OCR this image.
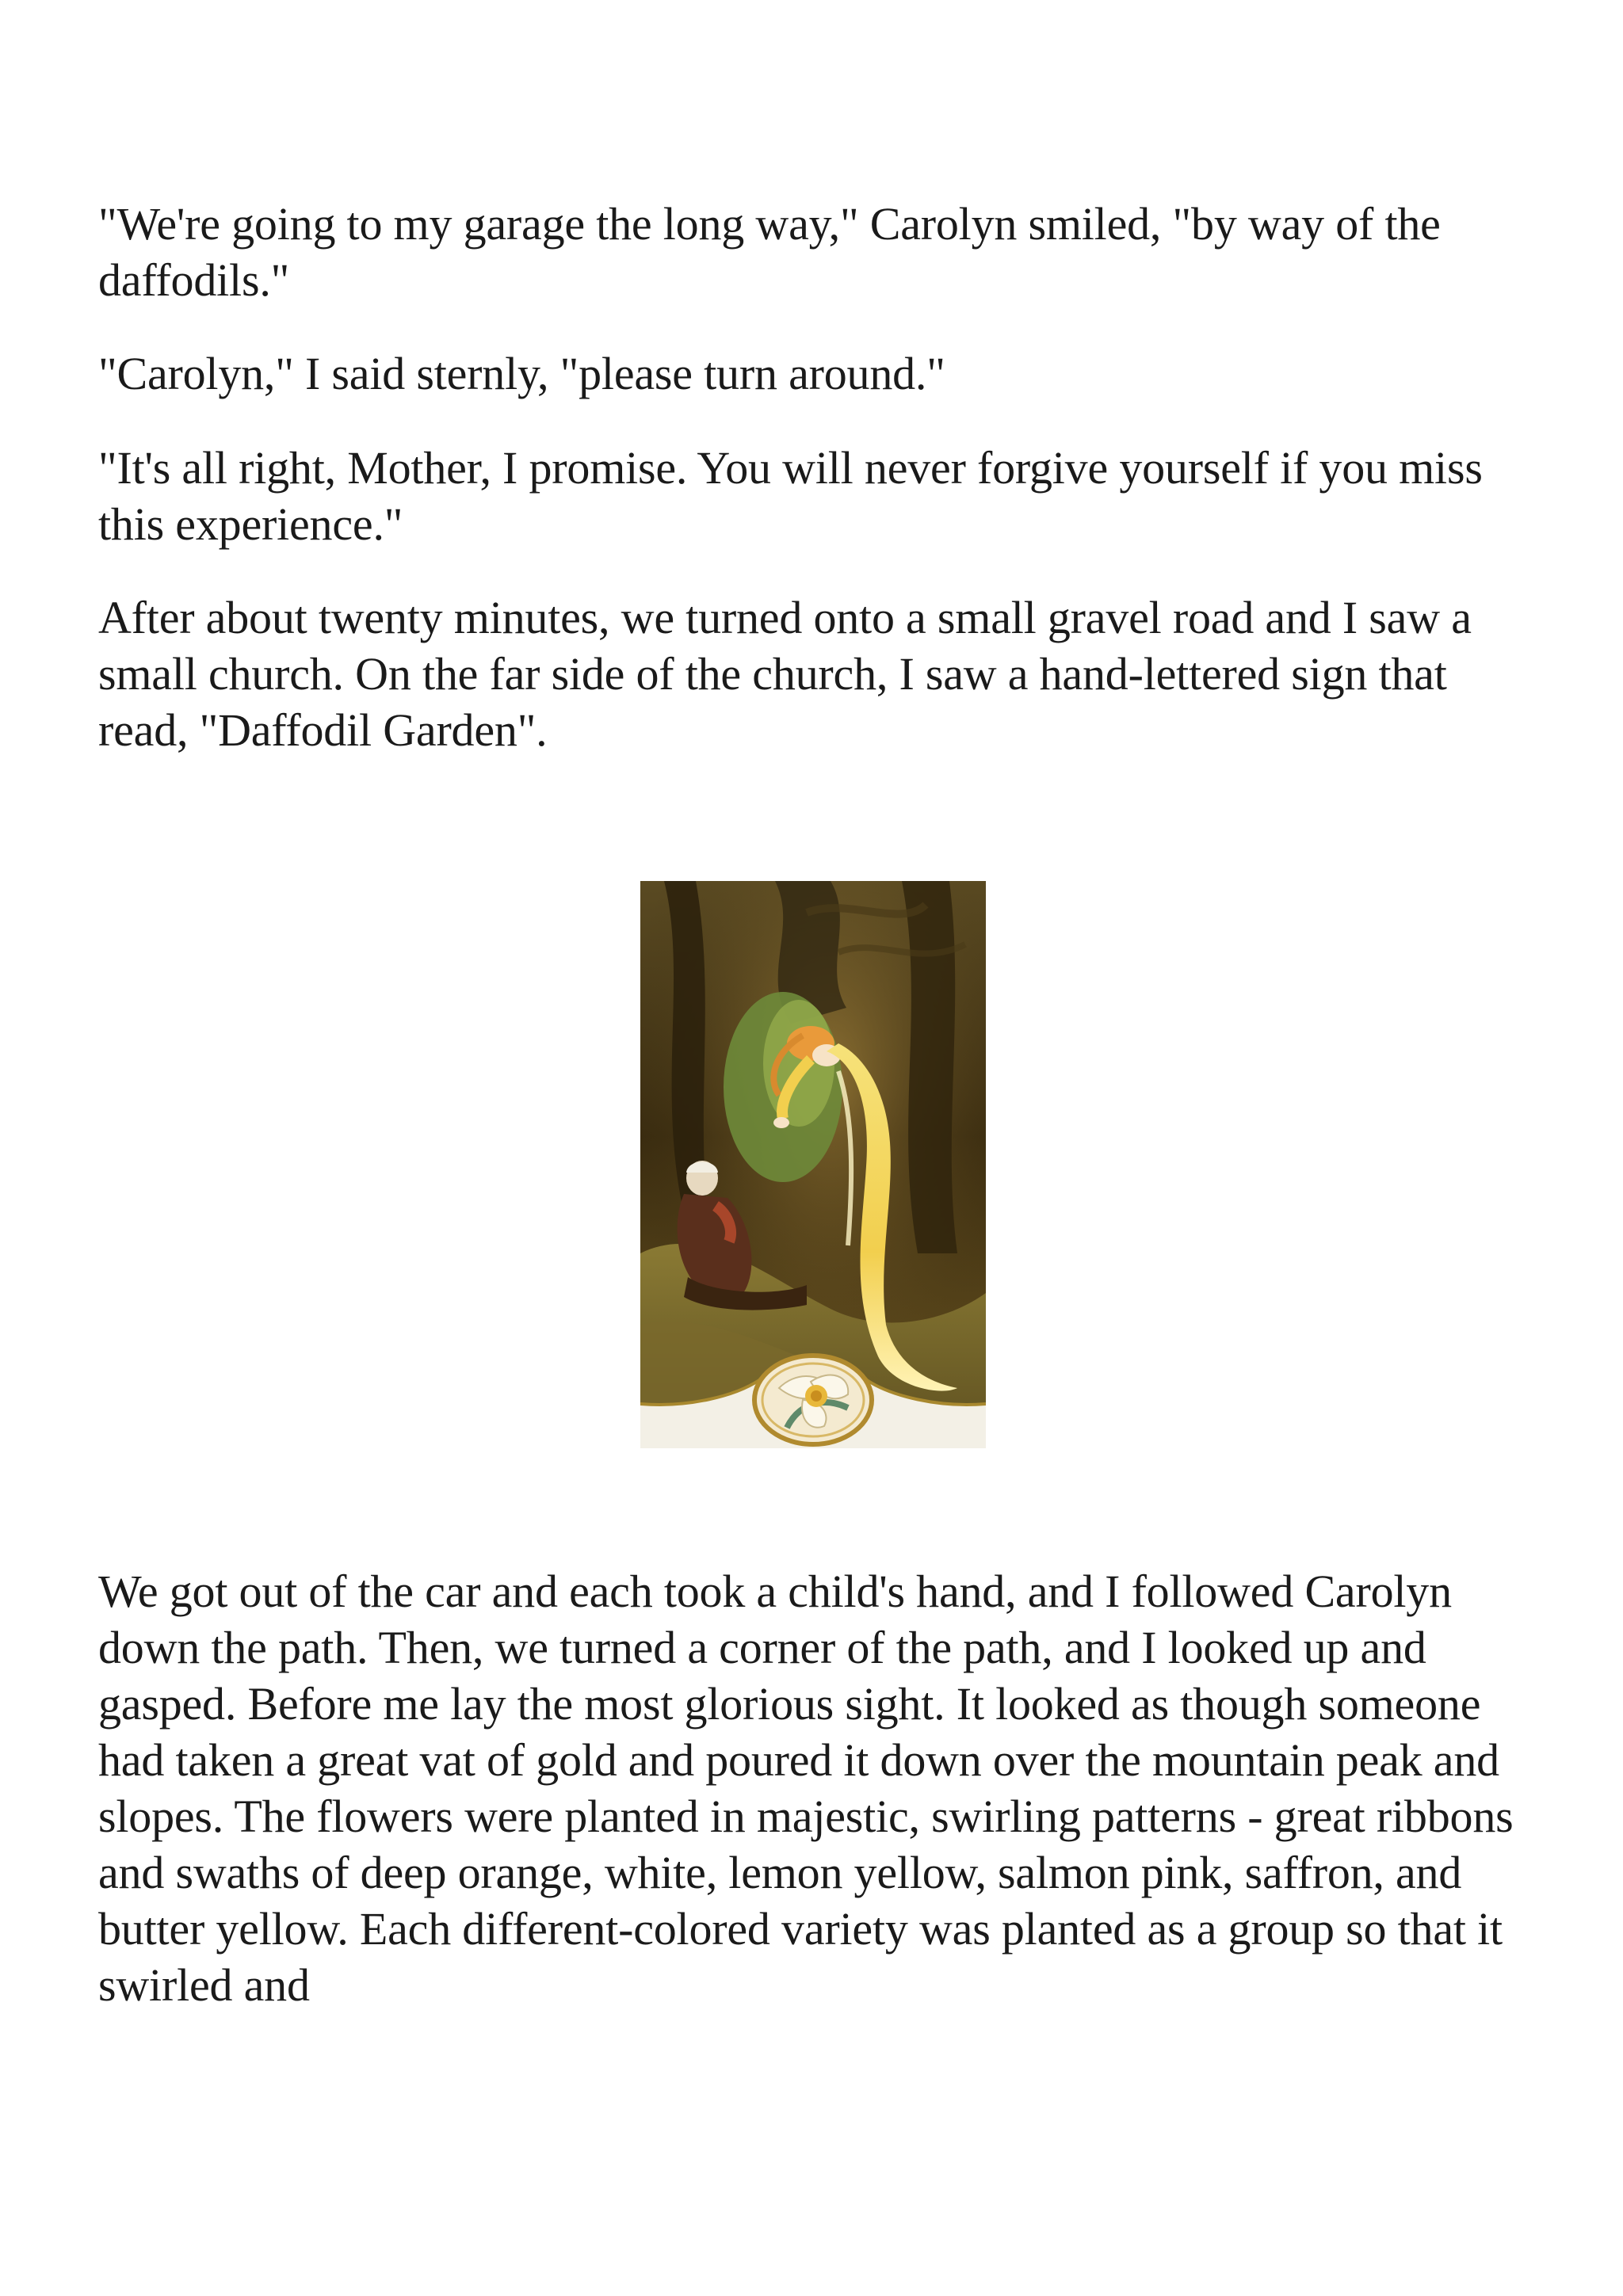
"We're going to my garage the long way," Carolyn smiled, "by way of the daffodils."

"Carolyn," I said sternly, "please turn around."

"It's all right, Mother, I promise. You will never forgive yourself if you miss this experience."

After about twenty minutes, we turned onto a small gravel road and I saw a small church. On the far side of the church, I saw a hand-lettered sign that read, "Daffodil Garden".

We got out of the car and each took a child's hand, and I followed Carolyn down the path. Then, we turned a corner of the path, and I looked up and gasped. Before me lay the most glorious sight. It looked as though someone had taken a great vat of gold and poured it down over the mountain peak and slopes. The flowers were planted in majestic, swirling patterns - great ribbons and swaths of deep orange, white, lemon yellow, salmon pink, saffron, and butter yellow. Each different-colored variety was planted as a group so that it swirled and
